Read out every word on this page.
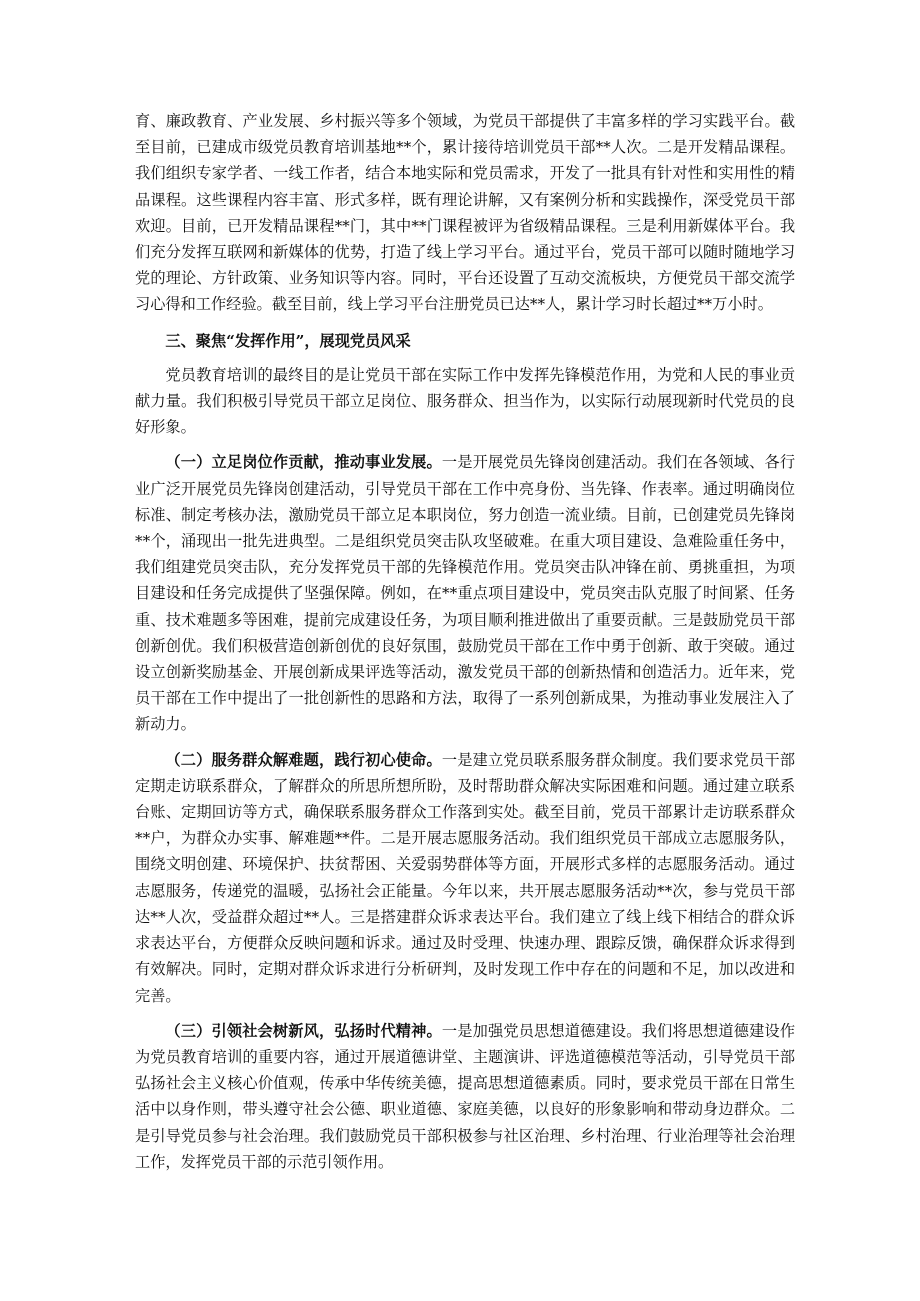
育、廉政教育、产业发展、乡村振兴等多个领域，为党员干部提供了丰富多样的学习实践平台。截至目前，已建成市级党员教育培训基地**个，累计接待培训党员干部**人次。二是开发精品课程。我们组织专家学者、一线工作者，结合本地实际和党员需求，开发了一批具有针对性和实用性的精品课程。这些课程内容丰富、形式多样，既有理论讲解，又有案例分析和实践操作，深受党员干部欢迎。目前，已开发精品课程**门，其中**门课程被评为省级精品课程。三是利用新媒体平台。我们充分发挥互联网和新媒体的优势，打造了线上学习平台。通过平台，党员干部可以随时随地学习党的理论、方针政策、业务知识等内容。同时，平台还设置了互动交流板块，方便党员干部交流学习心得和工作经验。截至目前，线上学习平台注册党员已达**人，累计学习时长超过**万小时。

三、聚焦“发挥作用”，展现党员风采

党员教育培训的最终目的是让党员干部在实际工作中发挥先锋模范作用，为党和人民的事业贡献力量。我们积极引导党员干部立足岗位、服务群众、担当作为，以实际行动展现新时代党员的良好形象。

（一）立足岗位作贡献，推动事业发展。一是开展党员先锋岗创建活动。我们在各领域、各行业广泛开展党员先锋岗创建活动，引导党员干部在工作中亮身份、当先锋、作表率。通过明确岗位标准、制定考核办法，激励党员干部立足本职岗位，努力创造一流业绩。目前，已创建党员先锋岗**个，涌现出一批先进典型。二是组织党员突击队攻坚破难。在重大项目建设、急难险重任务中，我们组建党员突击队，充分发挥党员干部的先锋模范作用。党员突击队冲锋在前、勇挑重担，为项目建设和任务完成提供了坚强保障。例如，在**重点项目建设中，党员突击队克服了时间紧、任务重、技术难题多等困难，提前完成建设任务，为项目顺利推进做出了重要贡献。三是鼓励党员干部创新创优。我们积极营造创新创优的良好氛围，鼓励党员干部在工作中勇于创新、敢于突破。通过设立创新奖励基金、开展创新成果评选等活动，激发党员干部的创新热情和创造活力。近年来，党员干部在工作中提出了一批创新性的思路和方法，取得了一系列创新成果，为推动事业发展注入了新动力。

（二）服务群众解难题，践行初心使命。一是建立党员联系服务群众制度。我们要求党员干部定期走访联系群众，了解群众的所思所想所盼，及时帮助群众解决实际困难和问题。通过建立联系台账、定期回访等方式，确保联系服务群众工作落到实处。截至目前，党员干部累计走访联系群众**户，为群众办实事、解难题**件。二是开展志愿服务活动。我们组织党员干部成立志愿服务队，围绕文明创建、环境保护、扶贫帮困、关爱弱势群体等方面，开展形式多样的志愿服务活动。通过志愿服务，传递党的温暖，弘扬社会正能量。今年以来，共开展志愿服务活动**次，参与党员干部达**人次，受益群众超过**人。三是搭建群众诉求表达平台。我们建立了线上线下相结合的群众诉求表达平台，方便群众反映问题和诉求。通过及时受理、快速办理、跟踪反馈，确保群众诉求得到有效解决。同时，定期对群众诉求进行分析研判，及时发现工作中存在的问题和不足，加以改进和完善。

（三）引领社会树新风，弘扬时代精神。一是加强党员思想道德建设。我们将思想道德建设作为党员教育培训的重要内容，通过开展道德讲堂、主题演讲、评选道德模范等活动，引导党员干部弘扬社会主义核心价值观，传承中华传统美德，提高思想道德素质。同时，要求党员干部在日常生活中以身作则，带头遵守社会公德、职业道德、家庭美德，以良好的形象影响和带动身边群众。二是引导党员参与社会治理。我们鼓励党员干部积极参与社区治理、乡村治理、行业治理等社会治理工作，发挥党员干部的示范引领作用。
